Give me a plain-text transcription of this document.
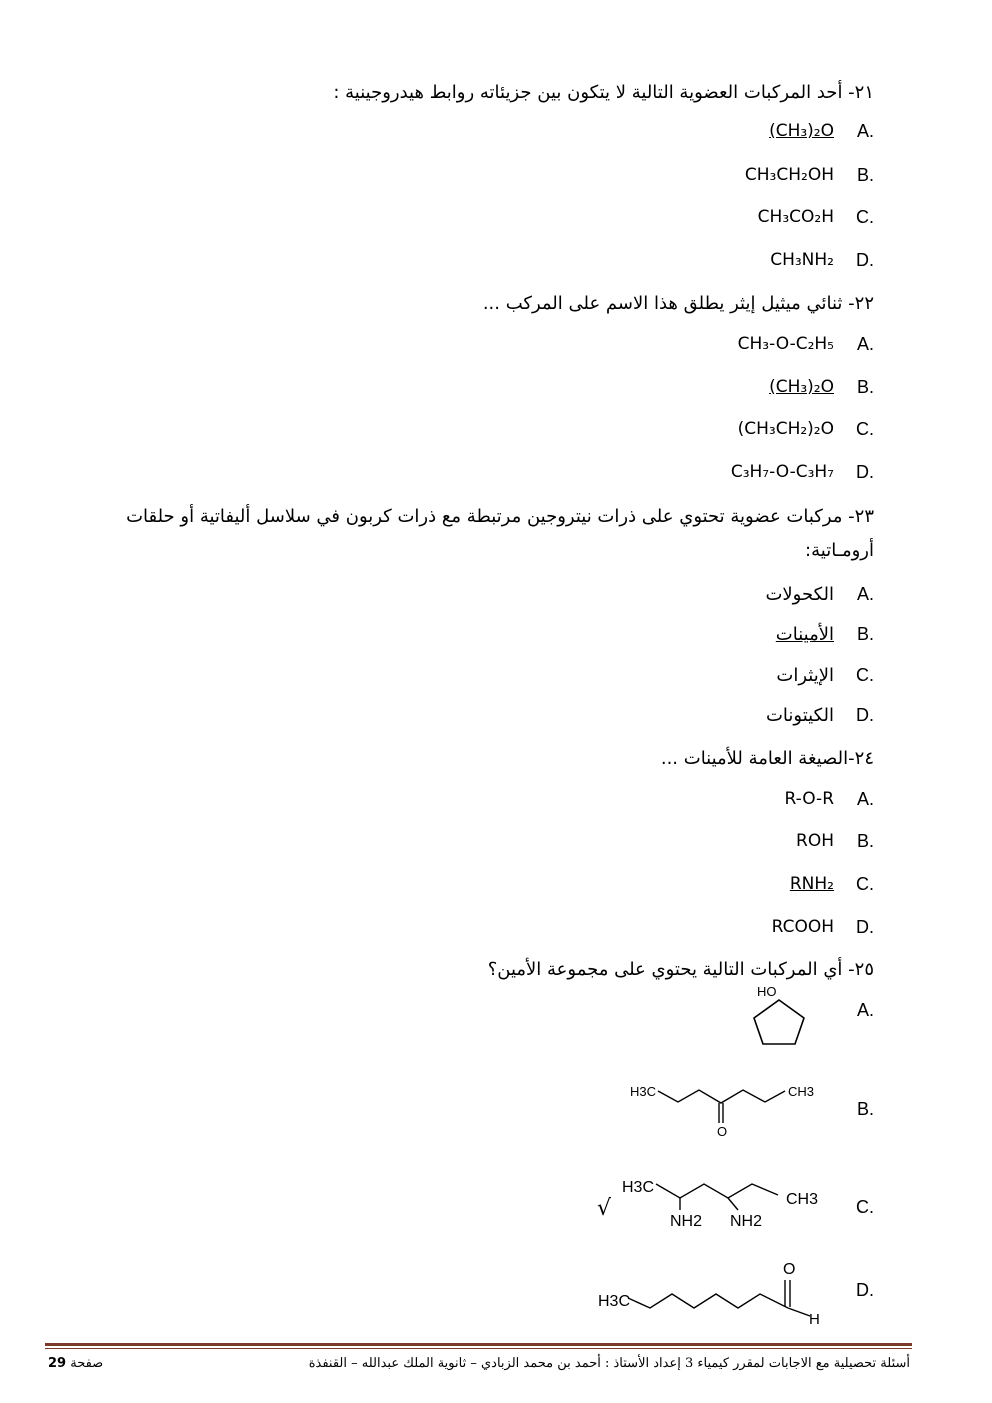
٢١- أحد المركبات العضوية التالية لا يتكون بين جزيئاته روابط هيدروجينية :
A.
(CH₃)₂O
B.
CH₃CH₂OH
C.
CH₃CO₂H
D.
CH₃NH₂
٢٢- ثنائي ميثيل إيثر يطلق هذا الاسم على المركب ...
A.
CH₃-O-C₂H₅
B.
(CH₃)₂O
C.
(CH₃CH₂)₂O
D.
C₃H₇-O-C₃H₇
٢٣- مركبات عضوية تحتوي على ذرات نيتروجين مرتبطة مع ذرات كربون في سلاسل أليفاتية أو حلقات أرومـاتية:
A.
الكحولات
B.
الأمينات
C.
الإيثرات
D.
الكيتونات
٢٤-الصيغة العامة للأمينات ...
A.
R-O-R
B.
ROH
C.
RNH₂
D.
RCOOH
٢٥- أي المركبات التالية يحتوي على مجموعة الأمين؟
A.
HO
B.
H3C	CH3
O
C.
H3C
CH3
NH2 NH2
√
D.
H3C
O
H
أسئلة تحصيلية مع الاجابات لمقرر كيمياء 3 إعداد الأستاذ : أحمد بن محمد الزبادي – ثانوية الملك عبدالله – القنفذة
صفحة 29
